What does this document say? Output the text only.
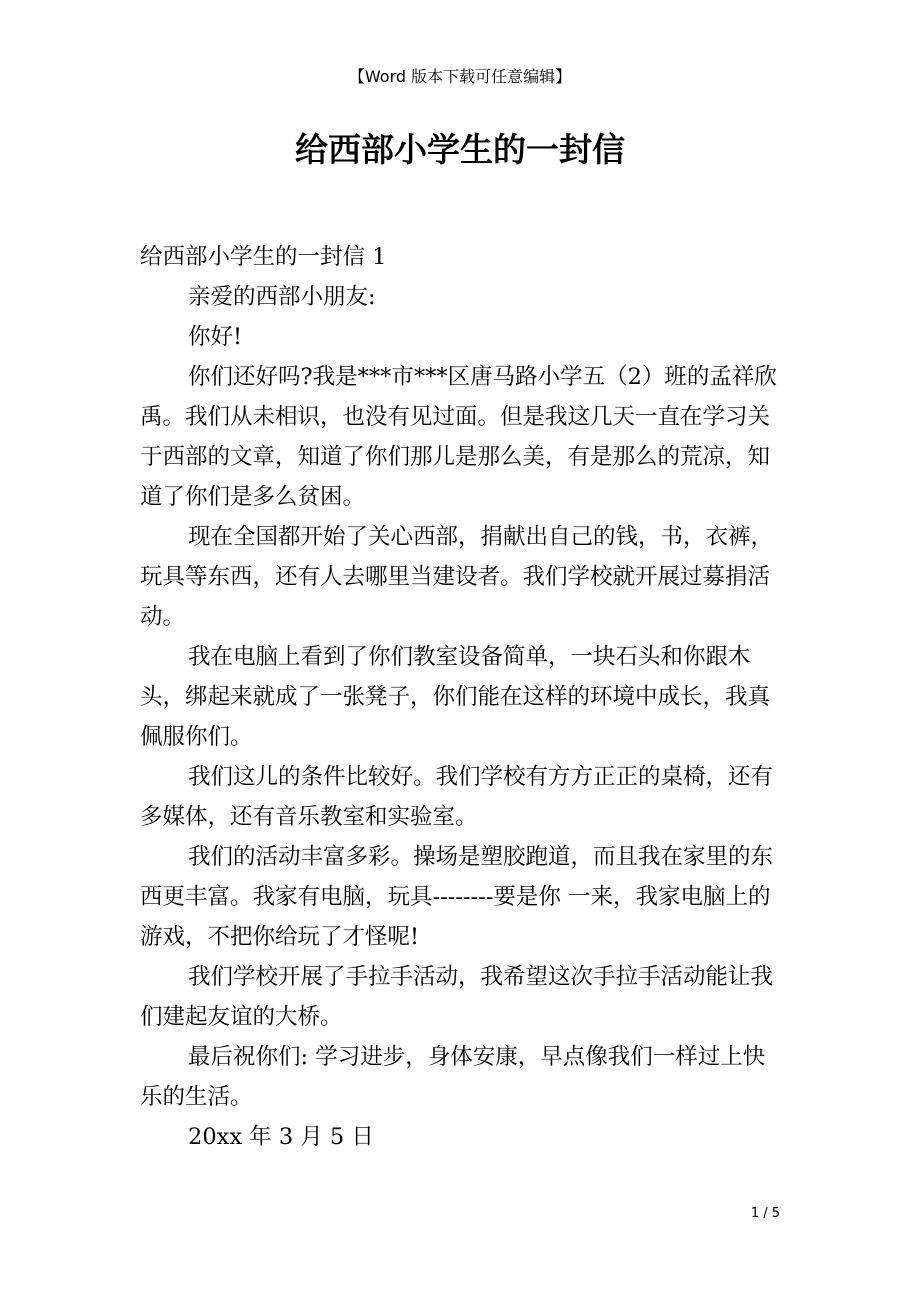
【Word 版本下载可任意编辑】
给西部小学生的一封信

给西部小学生的一封信 1

亲爱的西部小朋友:

你好!

你们还好吗?我是***市***区唐马路小学五（2）班的孟祥欣禹。我们从未相识，也没有见过面。但是我这几天一直在学习关于西部的文章，知道了你们那儿是那么美，有是那么的荒凉，知道了你们是多么贫困。

现在全国都开始了关心西部，捐献出自己的钱，书，衣裤，玩具等东西，还有人去哪里当建设者。我们学校就开展过募捐活动。

我在电脑上看到了你们教室设备简单，一块石头和你跟木头，绑起来就成了一张凳子，你们能在这样的环境中成长，我真佩服你们。

我们这儿的条件比较好。我们学校有方方正正的桌椅，还有多媒体，还有音乐教室和实验室。

我们的活动丰富多彩。操场是塑胶跑道，而且我在家里的东西更丰富。我家有电脑，玩具--------要是你 一来，我家电脑上的游戏，不把你给玩了才怪呢!

我们学校开展了手拉手活动，我希望这次手拉手活动能让我们建起友谊的大桥。

最后祝你们: 学习进步，身体安康，早点像我们一样过上快乐的生活。

20xx 年 3 月 5 日

1 / 5
